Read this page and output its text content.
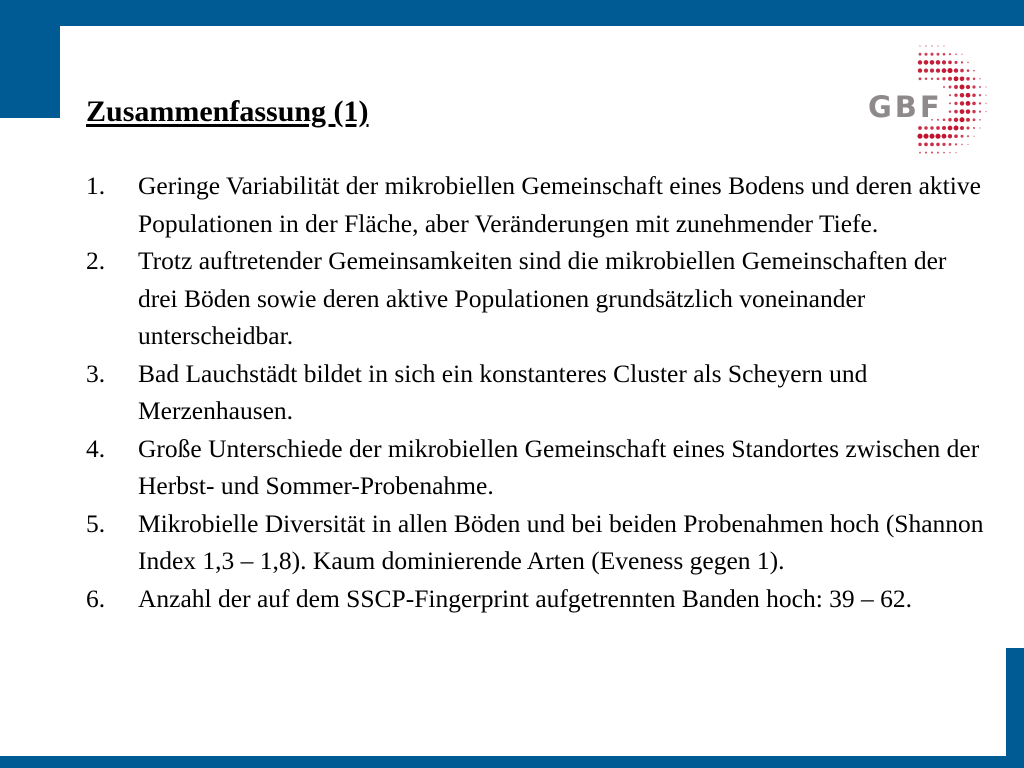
GBF
Zusammenfassung (1)
1.	Geringe Variabilität der mikrobiellen Gemeinschaft eines Bodens und deren aktive Populationen in der Fläche, aber Veränderungen mit zunehmender Tiefe.
2.	Trotz auftretender Gemeinsamkeiten sind die mikrobiellen Gemeinschaften der drei Böden sowie deren aktive Populationen grundsätzlich voneinander unterscheidbar.
3.	Bad Lauchstädt bildet in sich ein konstanteres Cluster als Scheyern und Merzenhausen.
4.	Große Unterschiede der mikrobiellen Gemeinschaft eines Standortes zwischen der Herbst- und Sommer-Probenahme.
5.	Mikrobielle Diversität in allen Böden und bei beiden Probenahmen hoch (Shannon Index 1,3 – 1,8). Kaum dominierende Arten (Eveness gegen 1).
6.	Anzahl der auf dem SSCP-Fingerprint aufgetrennten Banden hoch: 39 – 62.
